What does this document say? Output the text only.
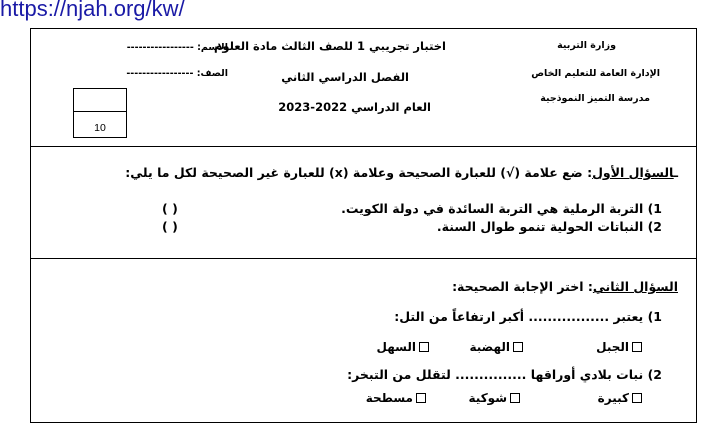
https://njah.org/kw/
وزارة التربية
الإدارة العامة للتعليم الخاص
مدرسة التميز النموذجية
اختبار تجريبي 1 للصف الثالث مادة العلوم
الفصل الدراسي الثاني
العام الدراسي 2022-2023
الاسم: -----------------
الصف: -----------------
10
ـالسؤال الأول: ضع علامة (√) للعبارة الصحيحة وعلامة (x) للعبارة غير الصحيحة لكل ما يلي:
1) التربة الرملية هي التربة السائدة في دولة الكويت.
( )
2) النباتات الحولية تنمو طوال السنة.
( )
السؤال الثاني: اختر الإجابة الصحيحة:
1) يعتبر ................. أكبر ارتفاعاً من التل:
الجبل
الهضبة
السهل
2) نبات بلادي أوراقها ............... لتقلل من التبخر:
كبيرة
شوكية
مسطحة
